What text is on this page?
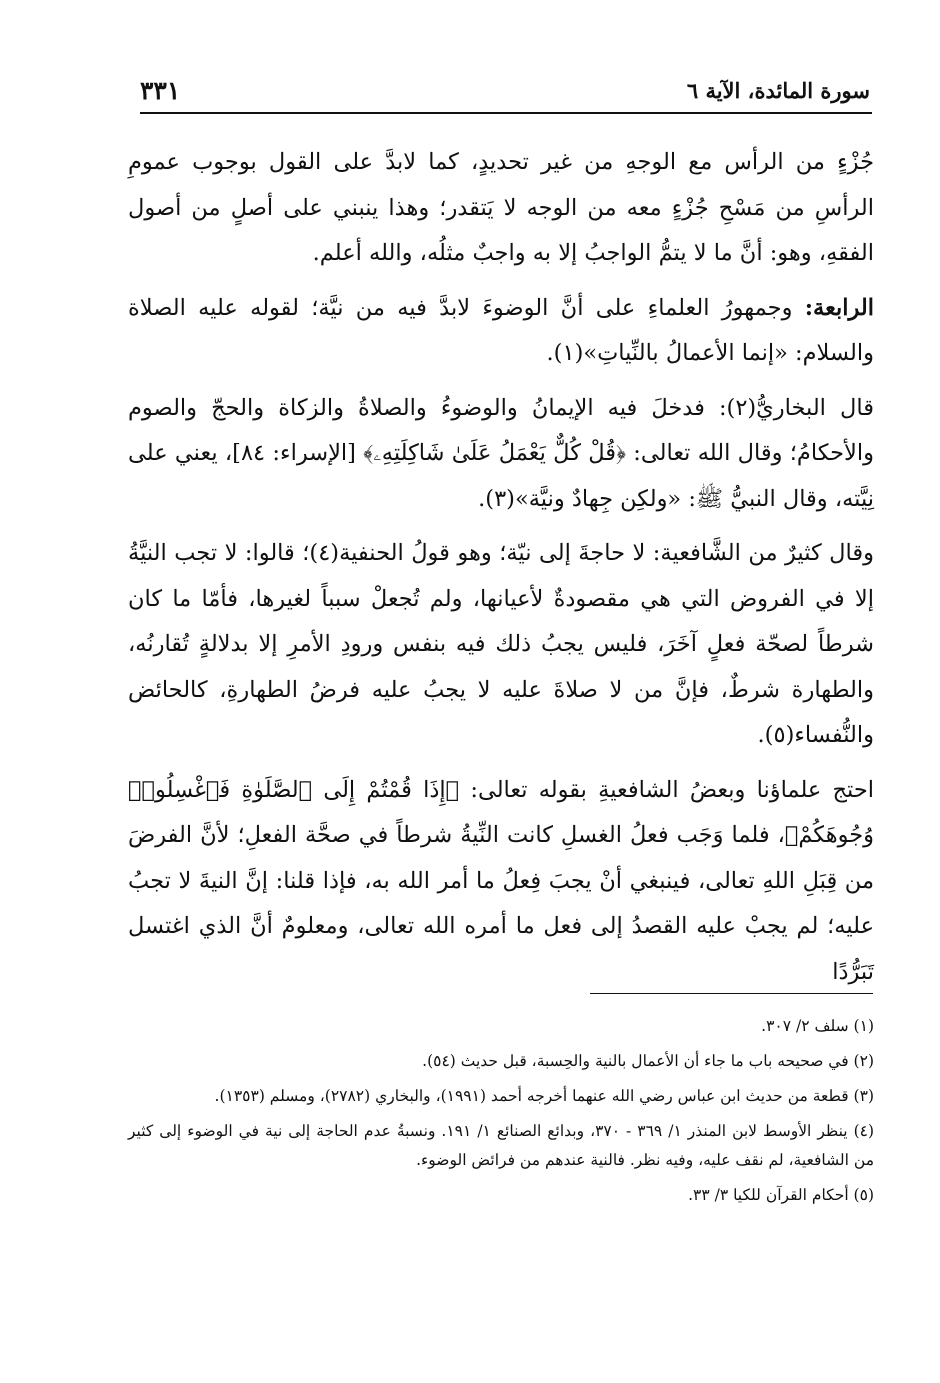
سورة المائدة، الآية ٦
٣٣١

جُزْءٍ من الرأس مع الوجهِ من غير تحديدٍ، كما لابدَّ على القول بوجوب عمومِ الرأسِ من مَسْحِ جُزْءٍ معه من الوجه لا يَتقدر؛ وهذا ينبني على أصلٍ من أصول الفقهِ، وهو: أنَّ ما لا يتمُّ الواجبُ إلا به واجبٌ مثلُه، والله أعلم.

الرابعة: وجمهورُ العلماءِ على أنَّ الوضوءَ لابدَّ فيه من نيَّة؛ لقوله عليه الصلاة والسلام: «إنما الأعمالُ بالنِّياتِ»(١).

قال البخاريُّ(٢): فدخلَ فيه الإيمانُ والوضوءُ والصلاةُ والزكاة والحجّ والصوم والأحكامُ؛ وقال الله تعالى: ﴿قُلْ كُلٌّ يَعْمَلُ عَلَىٰ شَاكِلَتِهِۦ﴾ [الإسراء: ٨٤]، يعني على نِيَّته، وقال النبيُّ ﷺ: «ولكِن جِهادٌ ونيَّة»(٣).

وقال كثيرٌ من الشَّافعية: لا حاجةَ إلى نيّة؛ وهو قولُ الحنفية(٤)؛ قالوا: لا تجب النيَّةُ إلا في الفروض التي هي مقصودةٌ لأعيانها، ولم تُجعلْ سبباً لغيرها، فأمّا ما كان شرطاً لصحّة فعلٍ آخَرَ، فليس يجبُ ذلك فيه بنفس ورودِ الأمرِ إلا بدلالةٍ تُقارنُه، والطهارة شرطٌ، فإنَّ من لا صلاةَ عليه لا يجبُ عليه فرضُ الطهارةِ، كالحائض والنُّفساء(٥).

احتج علماؤنا وبعضُ الشافعيةِ بقوله تعالى: ﴿إِذَا قُمْتُمْ إِلَى ٱلصَّلَوٰةِ فَٱغْسِلُوا۟ وُجُوهَكُمْ﴾، فلما وَجَب فعلُ الغسلِ كانت النِّيةُ شرطاً في صحَّة الفعلِ؛ لأنَّ الفرضَ من قِبَلِ اللهِ تعالى، فينبغي أنْ يجبَ فِعلُ ما أمر الله به، فإذا قلنا: إنَّ النيةَ لا تجبُ عليه؛ لم يجبْ عليه القصدُ إلى فعل ما أمره الله تعالى، ومعلومٌ أنَّ الذي اغتسل تَبَرُّدًا

(١) سلف ٢/ ٣٠٧.

(٢) في صحيحه باب ما جاء أن الأعمال بالنية والحِسبة، قبل حديث (٥٤).

(٣) قطعة من حديث ابن عباس رضي الله عنهما أخرجه أحمد (١٩٩١)، والبخاري (٢٧٨٢)، ومسلم (١٣٥٣).

(٤) ينظر الأوسط لابن المنذر ١/ ٣٦٩ - ٣٧٠، وبدائع الصنائع ١/ ١٩١. ونسبةُ عدم الحاجة إلى نية في الوضوء إلى كثير من الشافعية، لم نقف عليه، وفيه نظر. فالنية عندهم من فرائض الوضوء.

(٥) أحكام القرآن للكيا ٣/ ٣٣.
